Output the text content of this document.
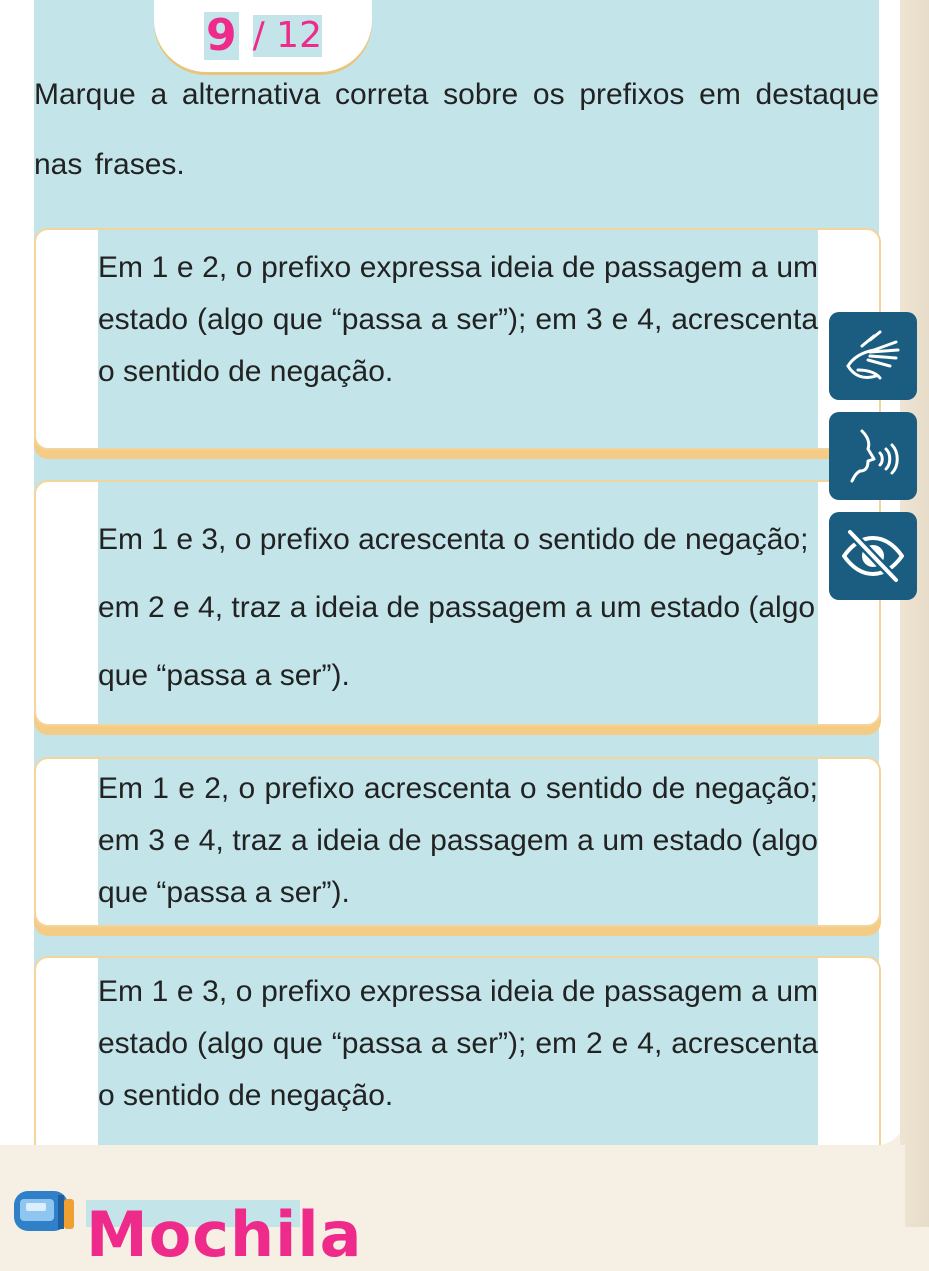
9 / 12
Marque a alternativa correta sobre os prefixos em destaque nas frases.
Em 1 e 2, o prefixo expressa ideia de passagem a um estado (algo que “passa a ser”); em 3 e 4, acrescenta o sentido de negação.
Em 1 e 3, o prefixo acrescenta o sentido de negação; em 2 e 4, traz a ideia de passagem a um estado (algo que “passa a ser”).
Em 1 e 2, o prefixo acrescenta o sentido de negação; em 3 e 4, traz a ideia de passagem a um estado (algo que “passa a ser”).
Em 1 e 3, o prefixo expressa ideia de passagem a um estado (algo que “passa a ser”); em 2 e 4, acrescenta o sentido de negação.
Mochila
